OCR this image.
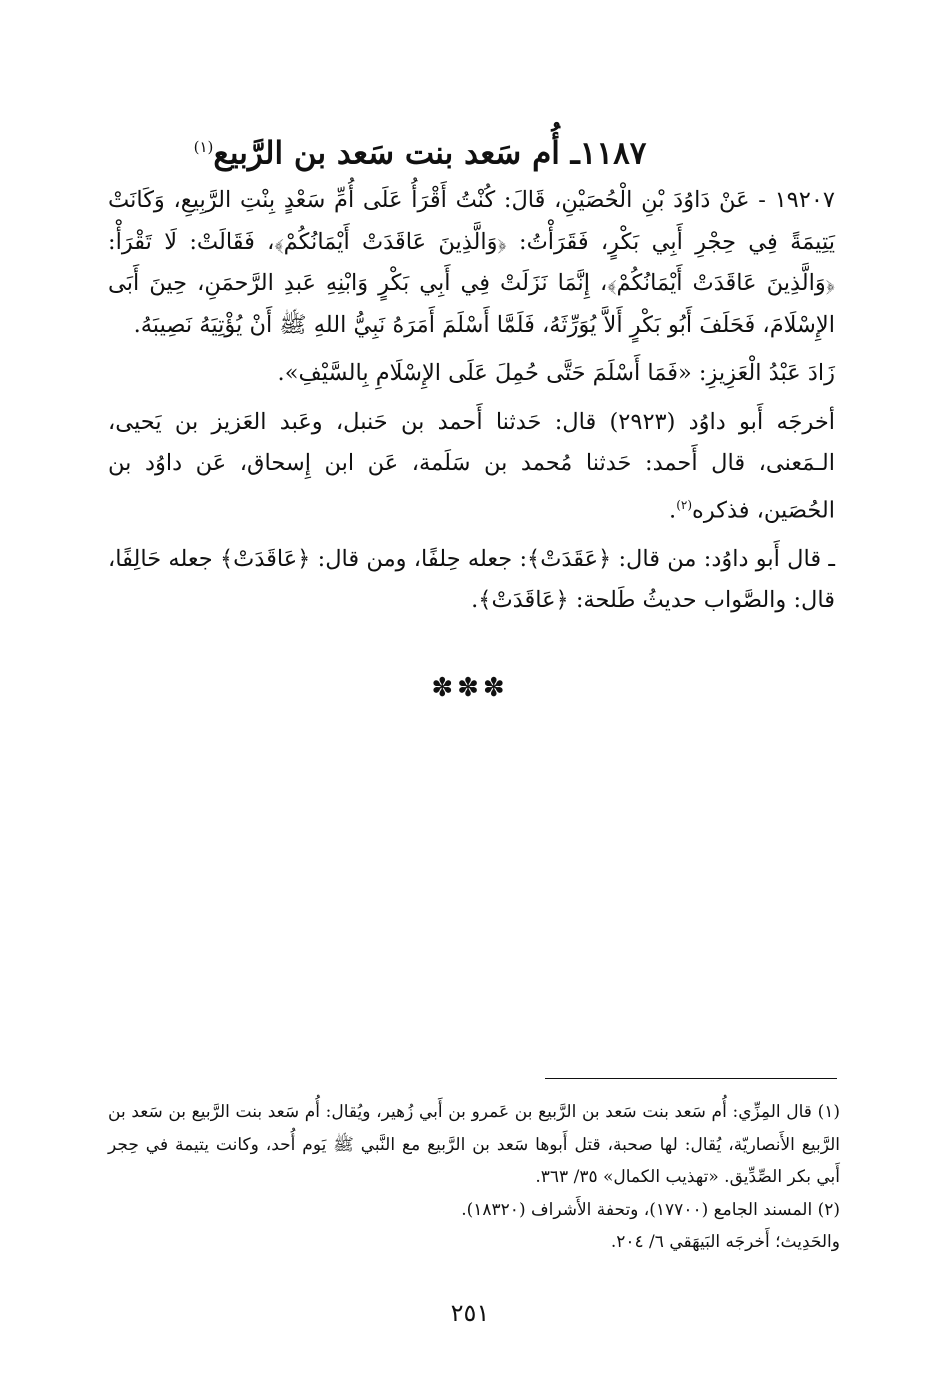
١١٨٧ـ أُم سَعد بنت سَعد بن الرَّبيع$^{(١)}$

١٩٢٠٧ - عَنْ دَاوُدَ بْنِ الْحُصَيْنِ، قَالَ: كُنْتُ أَقْرَأُ عَلَى أُمِّ سَعْدٍ بِنْتِ الرَّبِيعِ، وَكَانَتْ يَتِيمَةً فِي حِجْرِ أَبِي بَكْرٍ، فَقَرَأْتُ: ﴿وَالَّذِينَ عَاقَدَتْ أَيْمَانُكُمْ﴾، فَقَالَتْ: لَا تَقْرَأْ: ﴿وَالَّذِينَ عَاقَدَتْ أَيْمَانُكُمْ﴾، إِنَّمَا نَزَلَتْ فِي أَبِي بَكْرٍ وَابْنِهِ عَبدِ الرَّحمَنِ، حِينَ أَبَى الإِسْلَامَ، فَحَلَفَ أَبُو بَكْرٍ أَلاَّ يُوَرِّثَهُ، فَلَمَّا أَسْلَمَ أَمَرَهُ نَبِيُّ اللهِ ﷺ أَنْ يُؤْتِيَهُ نَصِيبَهُ.

زَادَ عَبْدُ الْعَزِيزِ: «فَمَا أَسْلَمَ حَتَّى حُمِلَ عَلَى الإِسْلَامِ بِالسَّيْفِ».

أخرجَه أَبو داوُد (٢٩٢٣) قال: حَدثنا أَحمد بن حَنبل، وعَبد العَزيز بن يَحيى، الـمَعنى، قال أَحمد: حَدثنا مُحمد بن سَلَمة، عَن ابن إِسحاق، عَن داوُد بن الحُصَين، فذكره$^{(٢)}$.

ـ قال أَبو داوُد: من قال: ﴿عَقَدَتْ﴾: جعله حِلفًا، ومن قال: ﴿عَاقَدَتْ﴾ جعله حَالِفًا، قال: والصَّواب حديثُ طَلحة: ﴿عَاقَدَتْ﴾.

✽✽✽

(١) قال المِزِّي: أُم سَعد بنت سَعد بن الرَّبيع بن عَمرو بن أَبي زُهير، ويُقال: أُم سَعد بنت الرَّبيع بن سَعد بن الرَّبيع الأَنصاريّة، يُقال: لها صحبة، قتل أَبوها سَعد بن الرَّبيع مع النَّبي ﷺ يَوم أُحد، وكانت يتيمة في حِجر أَبي بكر الصِّدِّيق. «تهذيب الكمال» ٣٥/ ٣٦٣.

(٢) المسند الجامع (١٧٧٠٠)، وتحفة الأَشراف (١٨٣٢٠).

والحَدِيث؛ أَخرجَه البَيهَقي ٦/ ٢٠٤.

٢٥١
